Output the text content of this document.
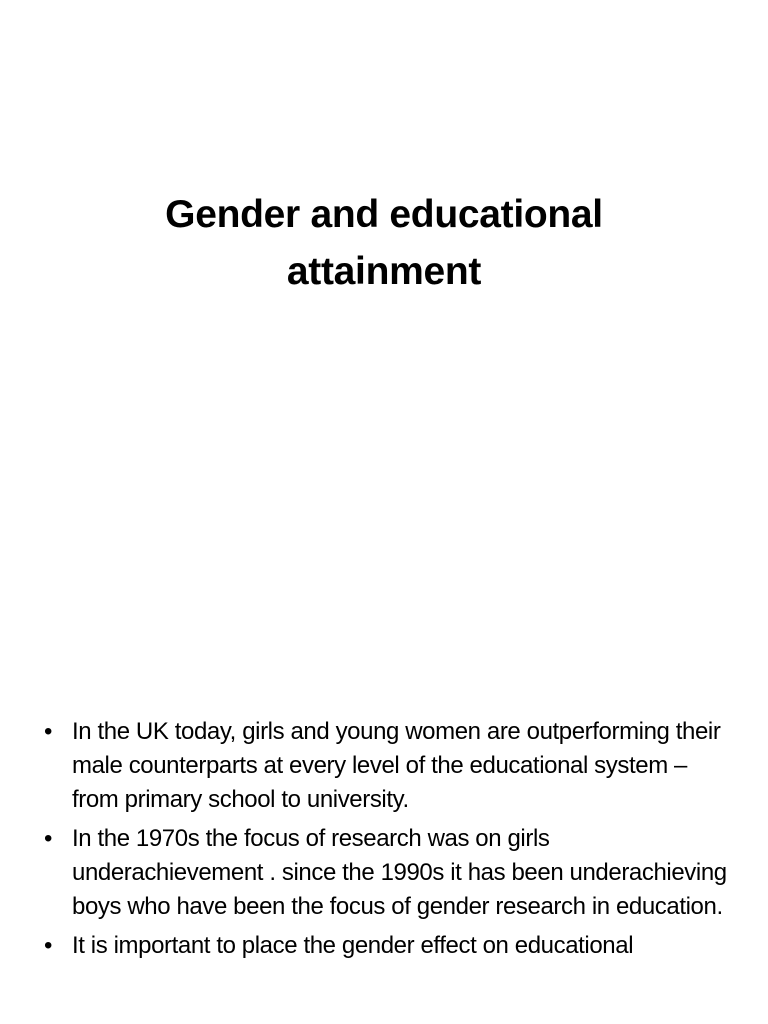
Gender and educational attainment
• In the UK today, girls and young women are outperforming their male counterparts at every level of the educational system – from primary school to university.
• In the 1970s the focus of research was on girls underachievement . since the 1990s it has been underachieving boys who have been the focus of gender research in education.
• It is important to place the gender effect on educational
